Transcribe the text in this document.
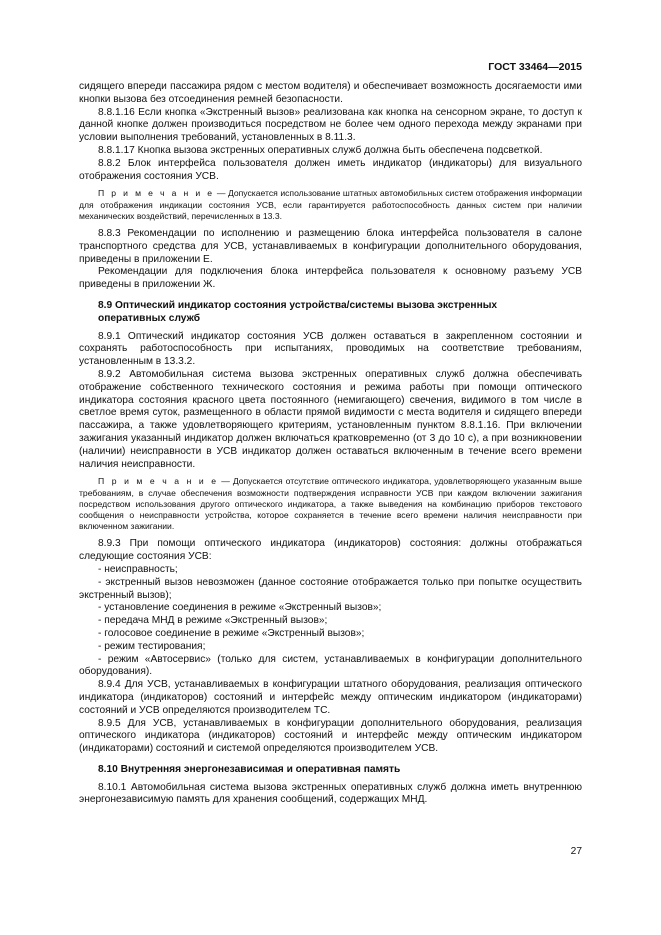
ГОСТ 33464—2015

сидящего впереди пассажира рядом с местом водителя) и обеспечивает возможность досягаемости ими кнопки вызова без отсоединения ремней безопасности.

8.8.1.16 Если кнопка «Экстренный вызов» реализована как кнопка на сенсорном экране, то доступ к данной кнопке должен производиться посредством не более чем одного перехода между экранами при условии выполнения требований, установленных в 8.11.3.

8.8.1.17 Кнопка вызова экстренных оперативных служб должна быть обеспечена подсветкой.

8.8.2 Блок интерфейса пользователя должен иметь индикатор (индикаторы) для визуального отображения состояния УСВ.

П р и м е ч а н и е — Допускается использование штатных автомобильных систем отображения информации для отображения индикации состояния УСВ, если гарантируется работоспособность данных систем при наличии механических воздействий, перечисленных в 13.3.

8.8.3 Рекомендации по исполнению и размещению блока интерфейса пользователя в салоне транспортного средства для УСВ, устанавливаемых в конфигурации дополнительного оборудования, приведены в приложении Е.

Рекомендации для подключения блока интерфейса пользователя к основному разъему УСВ приведены в приложении Ж.

8.9 Оптический индикатор состояния устройства/системы вызова экстренных
оперативных служб

8.9.1 Оптический индикатор состояния УСВ должен оставаться в закрепленном состоянии и сохранять работоспособность при испытаниях, проводимых на соответствие требованиям, установленным в 13.3.2.

8.9.2 Автомобильная система вызова экстренных оперативных служб должна обеспечивать отображение собственного технического состояния и режима работы при помощи оптического индикатора состояния красного цвета постоянного (немигающего) свечения, видимого в том числе в светлое время суток, размещенного в области прямой видимости с места водителя и сидящего впереди пассажира, а также удовлетворяющего критериям, установленным пунктом 8.8.1.16. При включении зажигания указанный индикатор должен включаться кратковременно (от 3 до 10 с), а при возникновении (наличии) неисправности в УСВ индикатор должен оставаться включенным в течение всего времени наличия неисправности.

П р и м е ч а н и е — Допускается отсутствие оптического индикатора, удовлетворяющего указанным выше требованиям, в случае обеспечения возможности подтверждения исправности УСВ при каждом включении зажигания посредством использования другого оптического индикатора, а также выведения на комбинацию приборов текстового сообщения о неисправности устройства, которое сохраняется в течение всего времени наличия неисправности при включенном зажигании.

8.9.3 При помощи оптического индикатора (индикаторов) состояния: должны отображаться следующие состояния УСВ:

- неисправность;

- экстренный вызов невозможен (данное состояние отображается только при попытке осуществить экстренный вызов);

- установление соединения в режиме «Экстренный вызов»;

- передача МНД в режиме «Экстренный вызов»;

- голосовое соединение в режиме «Экстренный вызов»;

- режим тестирования;

- режим «Автосервис» (только для систем, устанавливаемых в конфигурации дополнительного оборудования).

8.9.4 Для УСВ, устанавливаемых в конфигурации штатного оборудования, реализация оптического индикатора (индикаторов) состояний и интерфейс между оптическим индикатором (индикаторами) состояний и УСВ определяются производителем ТС.

8.9.5 Для УСВ, устанавливаемых в конфигурации дополнительного оборудования, реализация оптического индикатора (индикаторов) состояний и интерфейс между оптическим индикатором (индикаторами) состояний и системой определяются производителем УСВ.

8.10 Внутренняя энергонезависимая и оперативная память

8.10.1 Автомобильная система вызова экстренных оперативных служб должна иметь внутреннюю энергонезависимую память для хранения сообщений, содержащих МНД.

27
